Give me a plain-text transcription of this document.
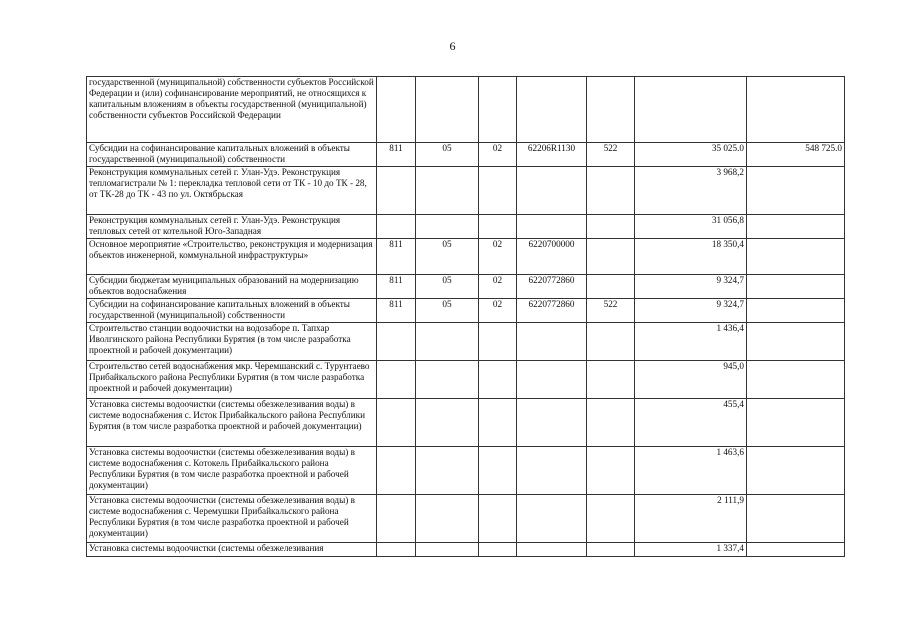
6
государственной (муниципальной) собственности субъектов Российской Федерации и (или) софинансирование мероприятий, не относящихся к капитальным вложениям в объекты государственной (муниципальной) собственности субъектов Российской Федерации							
Субсидии на софинансирование капитальных вложений в объекты государственной (муниципальной) собственности	811	05	02	62206R1130	522	35 025.0	548 725.0
Реконструкция коммунальных сетей г. Улан-Удэ. Реконструкция тепломагистрали № 1: перекладка тепловой сети от ТК - 10 до ТК - 28, от ТК-28 до ТК - 43 по ул. Октябрьская						3 968,2	
Реконструкция коммунальных сетей г. Улан-Удэ. Реконструкция тепловых сетей от котельной Юго-Западная						31 056,8	
Основное мероприятие «Строительство, реконструкция и модернизация объектов инженерной, коммунальной инфраструктуры»	811	05	02	6220700000		18 350,4	
Субсидии бюджетам муниципальных образований на модернизацию объектов водоснабжения	811	05	02	6220772860		9 324,7	
Субсидии на софинансирование капитальных вложений в объекты государственной (муниципальной) собственности	811	05	02	6220772860	522	9 324,7	
Строительство станции водоочистки на водозаборе п. Тапхар Иволгинского района Республики Бурятия (в том числе разработка проектной и рабочей документации)						1 436,4	
Строительство сетей водоснабжения мкр. Черемшанский с. Турунтаево Прибайкальского района Республики Бурятия (в том числе разработка проектной и рабочей документации)						945,0	
Установка системы водоочистки (системы обезжелезивания воды) в системе водоснабжения с. Исток Прибайкальского района Республики Бурятия (в том числе разработка проектной и рабочей документации)						455,4	
Установка системы водоочистки (системы обезжелезивания воды) в системе водоснабжения с. Котокель Прибайкальского района Республики Бурятия (в том числе разработка проектной и рабочей документации)						1 463,6	
Установка системы водоочистки (системы обезжелезивания воды) в системе водоснабжения с. Черемушки Прибайкальского района Республики Бурятия (в том числе разработка проектной и рабочей документации)						2 111,9	
Установка системы водоочистки (системы обезжелезивания						1 337,4	
